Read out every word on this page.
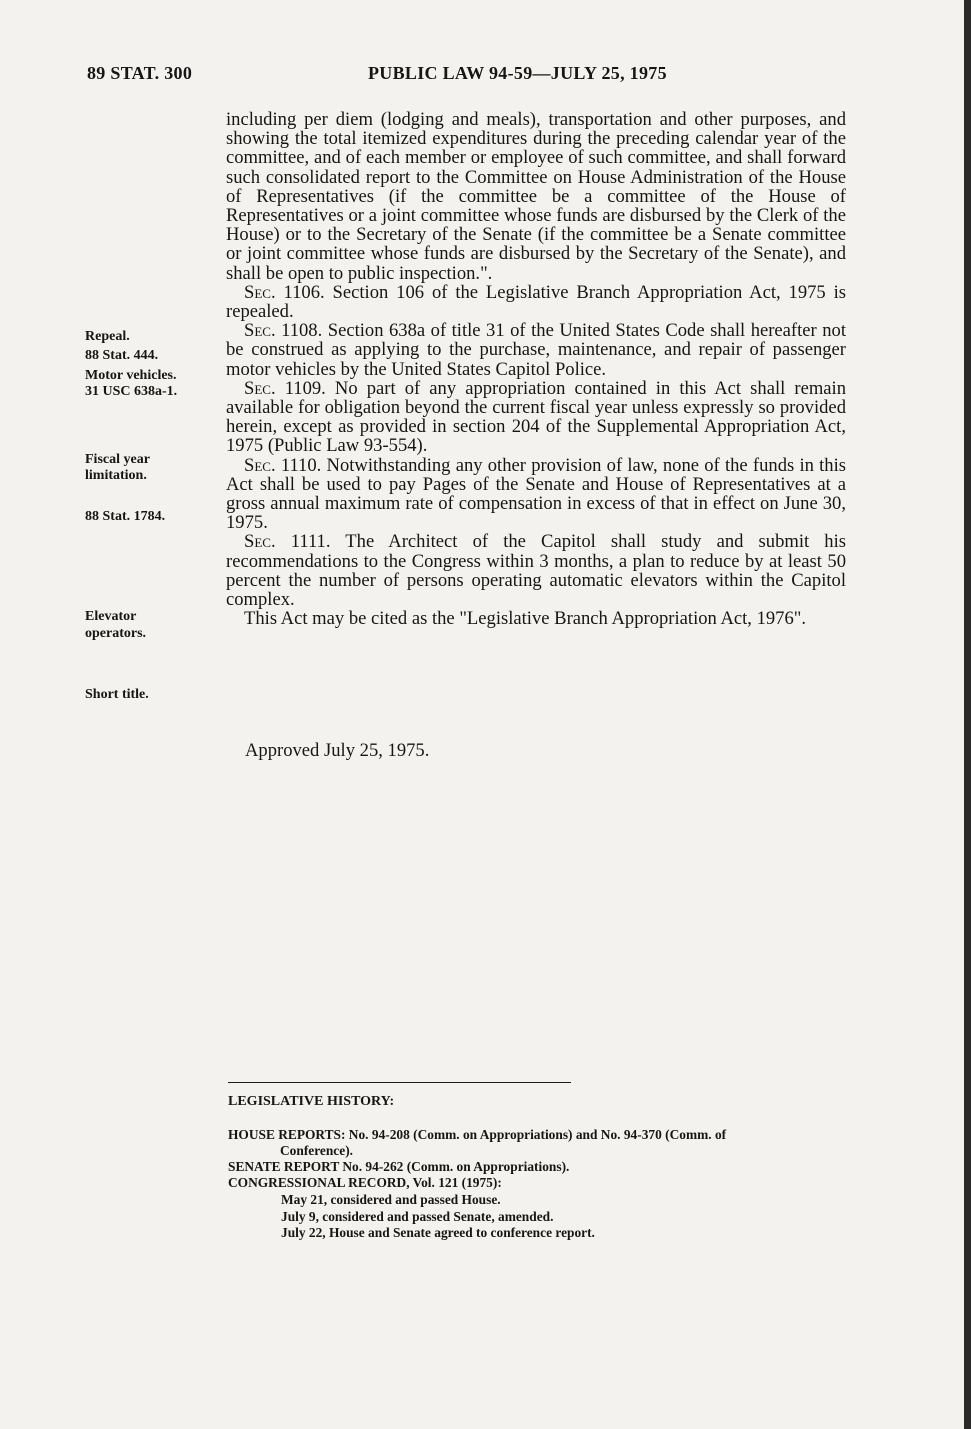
89 STAT. 300	PUBLIC LAW 94-59—JULY 25, 1975

including per diem (lodging and meals), transportation and other purposes, and showing the total itemized expenditures during the preceding calendar year of the committee, and of each member or employee of such committee, and shall forward such consolidated report to the Committee on House Administration of the House of Representatives (if the committee be a committee of the House of Representatives or a joint committee whose funds are disbursed by the Clerk of the House) or to the Secretary of the Senate (if the committee be a Senate committee or joint committee whose funds are disbursed by the Secretary of the Senate), and shall be open to public inspection.".

Sec. 1106. Section 106 of the Legislative Branch Appropriation Act, 1975 is repealed.

Sec. 1108. Section 638a of title 31 of the United States Code shall hereafter not be construed as applying to the purchase, maintenance, and repair of passenger motor vehicles by the United States Capitol Police.

Sec. 1109. No part of any appropriation contained in this Act shall remain available for obligation beyond the current fiscal year unless expressly so provided herein, except as provided in section 204 of the Supplemental Appropriation Act, 1975 (Public Law 93-554).

Sec. 1110. Notwithstanding any other provision of law, none of the funds in this Act shall be used to pay Pages of the Senate and House of Representatives at a gross annual maximum rate of compensation in excess of that in effect on June 30, 1975.

Sec. 1111. The Architect of the Capitol shall study and submit his recommendations to the Congress within 3 months, a plan to reduce by at least 50 percent the number of persons operating automatic elevators within the Capitol complex.

This Act may be cited as the "Legislative Branch Appropriation Act, 1976".

Repeal.
88 Stat. 444.
Motor vehicles.
31 USC 638a-1.
Fiscal year
limitation.
88 Stat. 1784.
Elevator
operators.
Short title.
Approved July 25, 1975.
LEGISLATIVE HISTORY:
HOUSE REPORTS: No. 94-208 (Comm. on Appropriations) and No. 94-370 (Comm. of
Conference).
SENATE REPORT No. 94-262 (Comm. on Appropriations).
CONGRESSIONAL RECORD, Vol. 121 (1975):
May 21, considered and passed House.
July 9, considered and passed Senate, amended.
July 22, House and Senate agreed to conference report.
